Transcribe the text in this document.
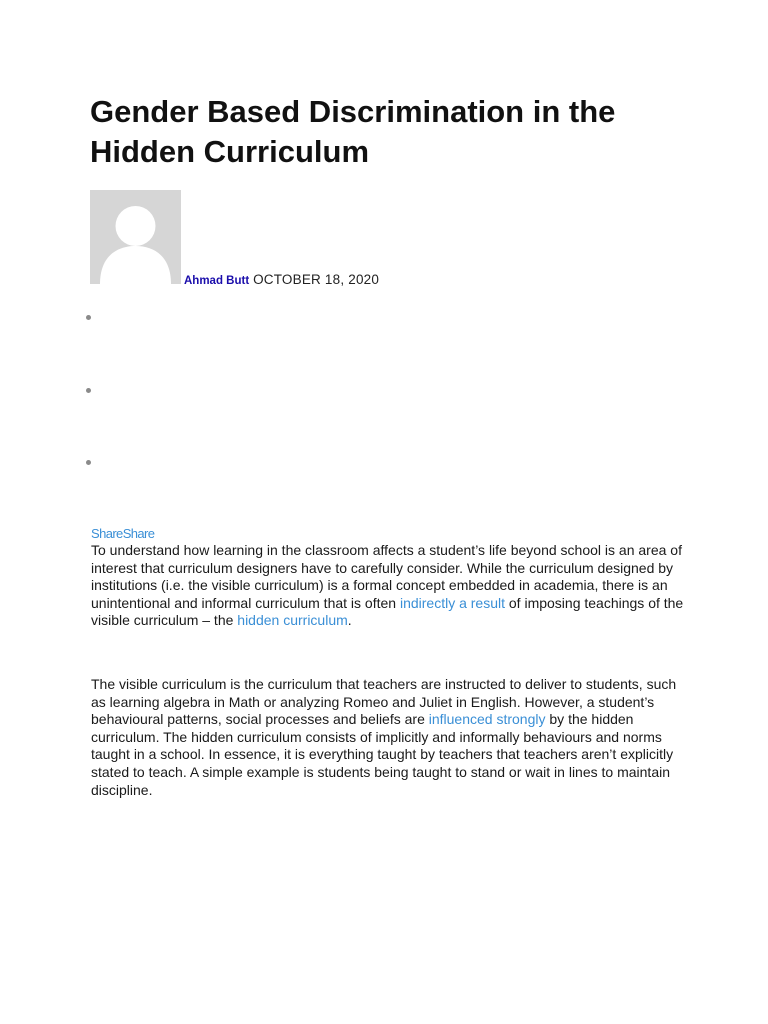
Gender Based Discrimination in the Hidden Curriculum
Ahmad Butt OCTOBER 18, 2020
ShareShare

To understand how learning in the classroom affects a student’s life beyond school is an area of interest that curriculum designers have to carefully consider. While the curriculum designed by institutions (i.e. the visible curriculum) is a formal concept embedded in academia, there is an unintentional and informal curriculum that is often indirectly a result of imposing teachings of the visible curriculum – the hidden curriculum.

The visible curriculum is the curriculum that teachers are instructed to deliver to students, such as learning algebra in Math or analyzing Romeo and Juliet in English. However, a student’s behavioural patterns, social processes and beliefs are influenced strongly by the hidden curriculum. The hidden curriculum consists of implicitly and informally behaviours and norms taught in a school. In essence, it is everything taught by teachers that teachers aren’t explicitly stated to teach. A simple example is students being taught to stand or wait in lines to maintain discipline.
